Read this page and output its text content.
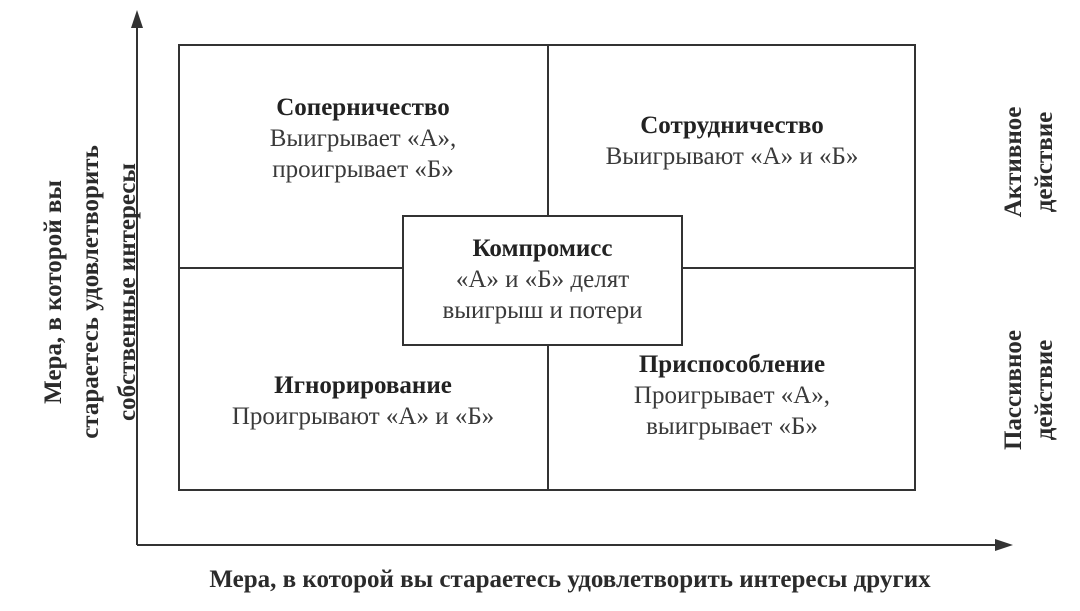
Соперничество
Выигрывает «А»,
проигрывает «Б»
Сотрудничество
Выигрывают «А» и «Б»
Игнорирование
Проигрывают «А» и «Б»
Приспособление
Проигрывает «А»,
выигрывает «Б»
Компромисс
«А» и «Б» делят
выигрыш и потери
Мера, в которой вы
стараетесь удовлетворить
собственные интересы	Активное
действие
Пассивное
действие
Мера, в которой вы стараетесь удовлетворить интересы других
